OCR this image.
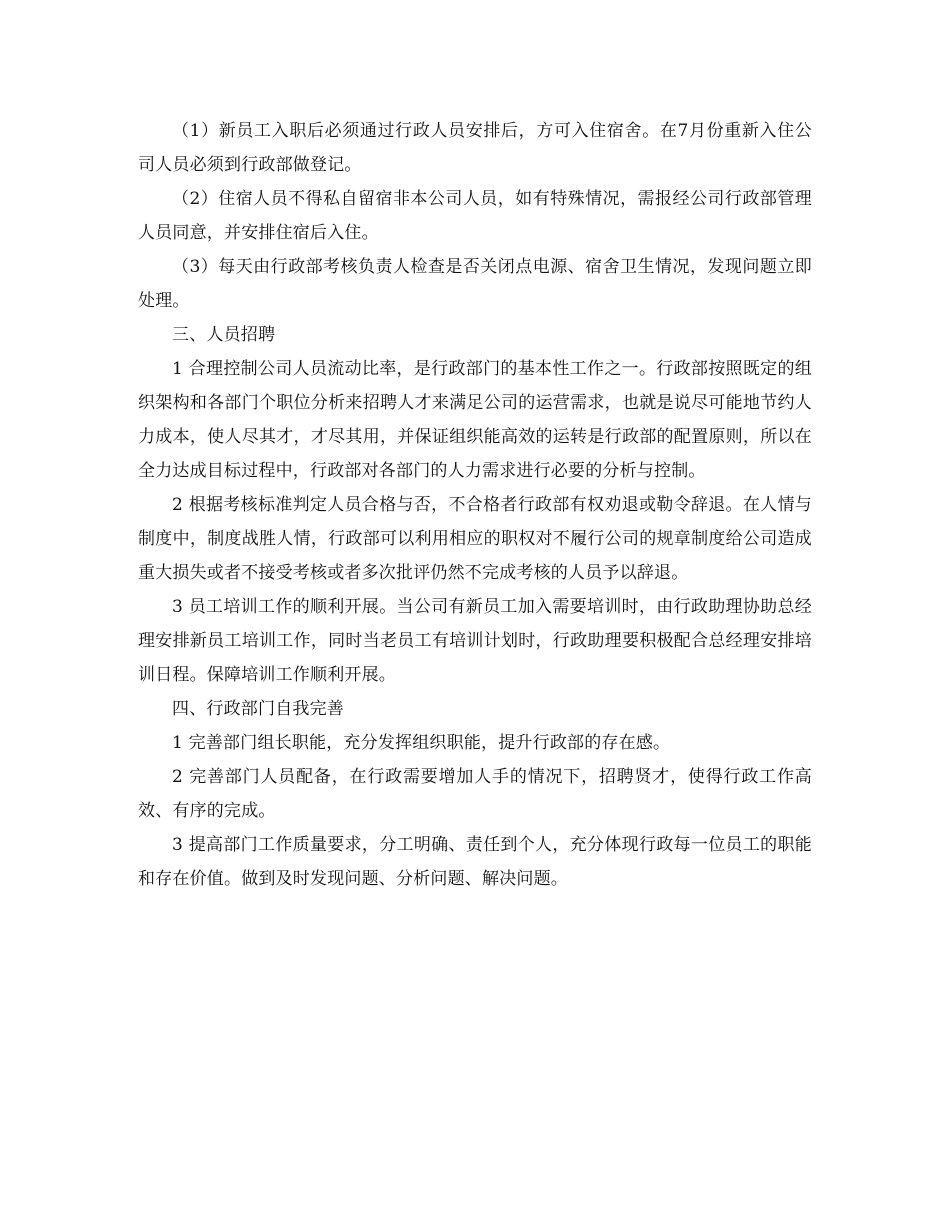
（1）新员工入职后必须通过行政人员安排后，方可入住宿舍。在7月份重新入住公司人员必须到行政部做登记。

（2）住宿人员不得私自留宿非本公司人员，如有特殊情况，需报经公司行政部管理人员同意，并安排住宿后入住。

（3）每天由行政部考核负责人检查是否关闭点电源、宿舍卫生情况，发现问题立即处理。

三、人员招聘

1 合理控制公司人员流动比率，是行政部门的基本性工作之一。行政部按照既定的组织架构和各部门个职位分析来招聘人才来满足公司的运营需求，也就是说尽可能地节约人力成本，使人尽其才，才尽其用，并保证组织能高效的运转是行政部的配置原则，所以在全力达成目标过程中，行政部对各部门的人力需求进行必要的分析与控制。

2 根据考核标准判定人员合格与否，不合格者行政部有权劝退或勒令辞退。在人情与制度中，制度战胜人情，行政部可以利用相应的职权对不履行公司的规章制度给公司造成重大损失或者不接受考核或者多次批评仍然不完成考核的人员予以辞退。

3 员工培训工作的顺利开展。当公司有新员工加入需要培训时，由行政助理协助总经理安排新员工培训工作，同时当老员工有培训计划时，行政助理要积极配合总经理安排培训日程。保障培训工作顺利开展。

四、行政部门自我完善

1 完善部门组长职能，充分发挥组织职能，提升行政部的存在感。

2 完善部门人员配备，在行政需要增加人手的情况下，招聘贤才，使得行政工作高效、有序的完成。

3 提高部门工作质量要求，分工明确、责任到个人，充分体现行政每一位员工的职能和存在价值。做到及时发现问题、分析问题、解决问题。
